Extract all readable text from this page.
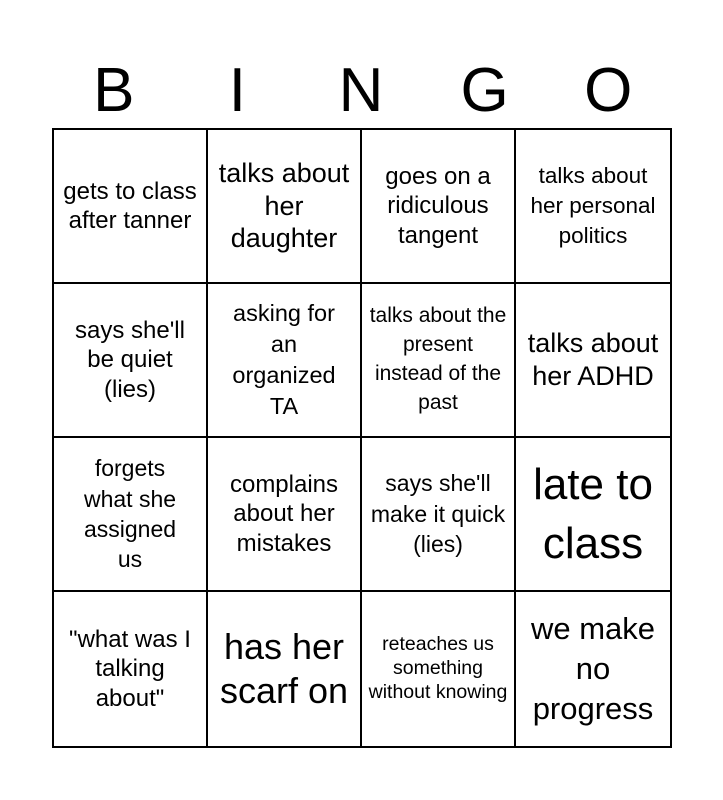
B	I	N	G	O
gets to class after tanner
talks about her daughter
goes on a ridiculous tangent
talks about her personal politics
says she'll be quiet (lies)
asking for an organized TA
talks about the present instead of the past
talks about her ADHD
forgets what she assigned us
complains about her mistakes
says she'll make it quick (lies)
late to class
"what was I talking about"
has her scarf on
reteaches us something without knowing
we make no progress
